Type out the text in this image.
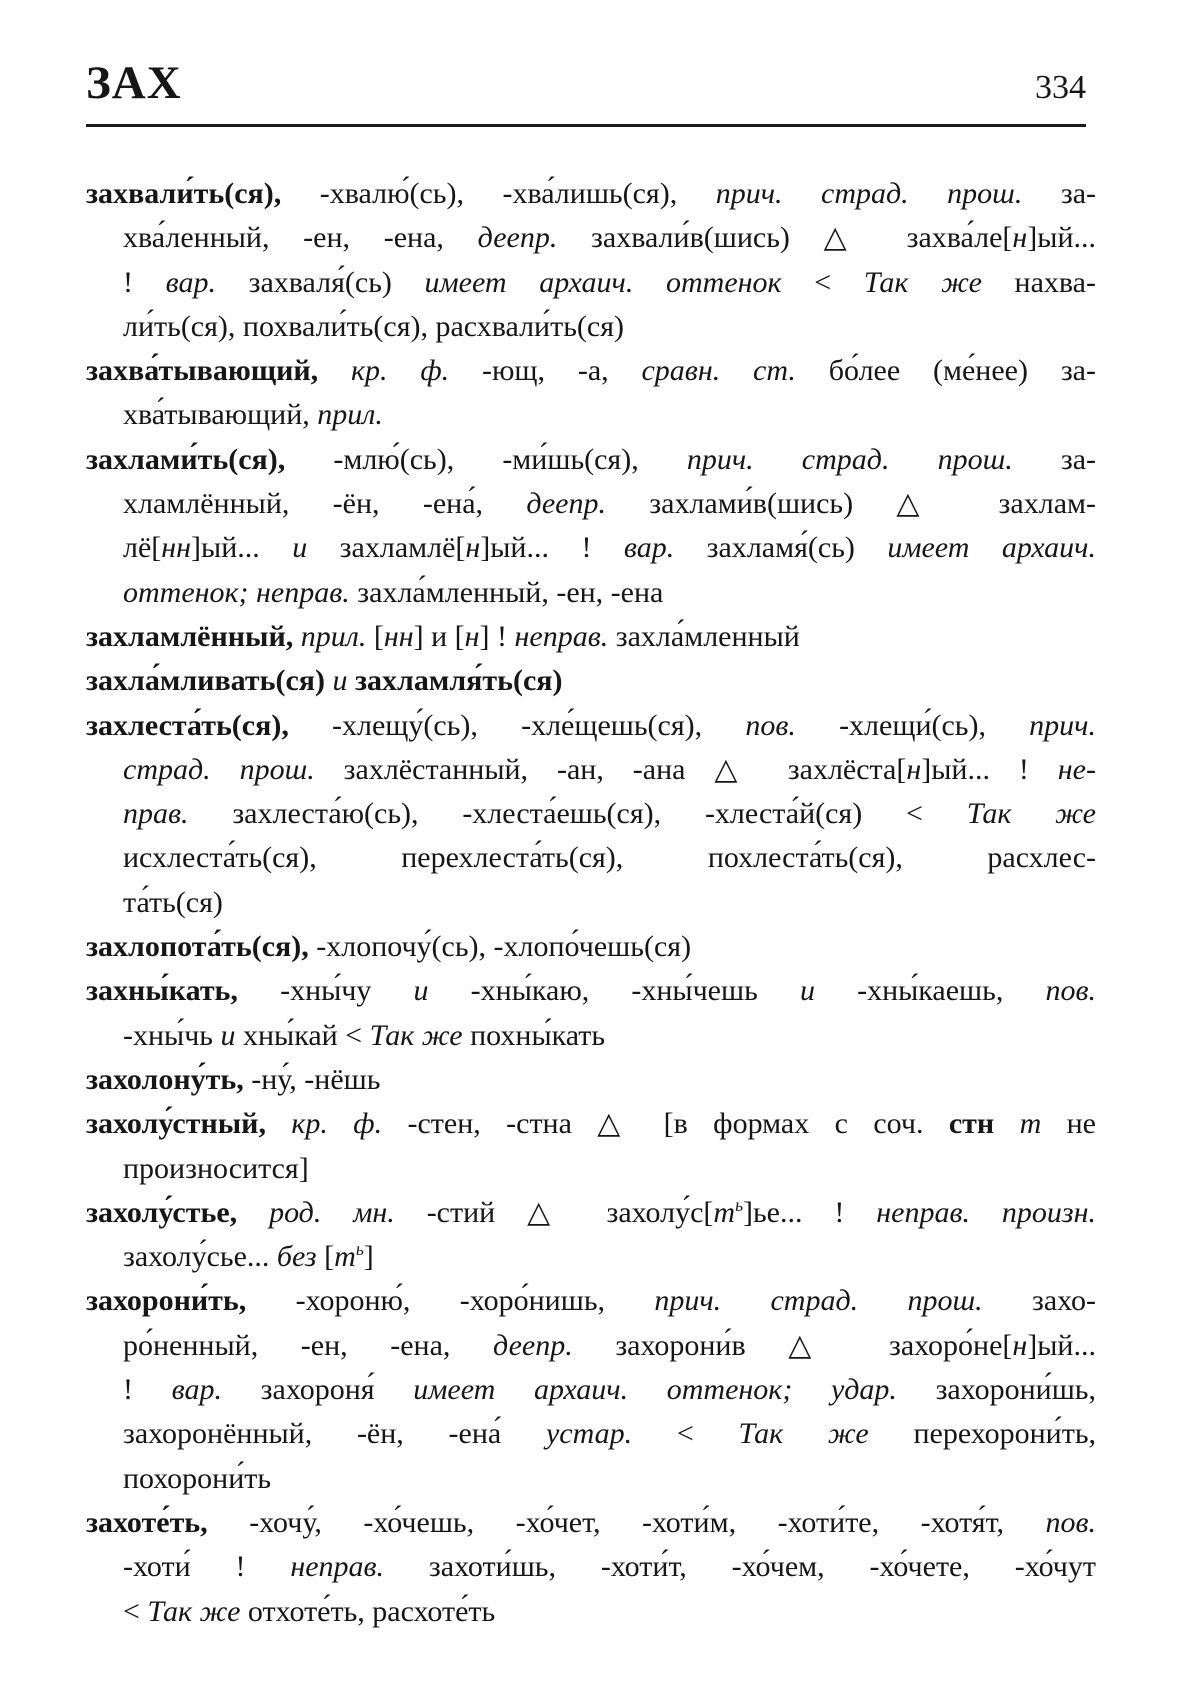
ЗАХ	334
захвали́ть(ся), -хвалю́(сь), -хва́лишь(ся), прич. страд. прош. за-
хва́ленный, -ен, -ена, деепр. захвали́в(шись) △ захва́ле[н]ый...
! вар. захваля́(сь) имеет архаич. оттенок < Так же нахва-
ли́ть(ся), похвали́ть(ся), расхвали́ть(ся)
захва́тывающий, кр. ф. -ющ, -а, сравн. ст. бо́лее (ме́нее) за-
хва́тывающий, прил.
захлами́ть(ся), -млю́(сь), -ми́шь(ся), прич. страд. прош. за-
хламлённый, -ён, -ена́, деепр. захлами́в(шись) △ захлам-
лё[нн]ый... и захламлё[н]ый... ! вар. захламя́(сь) имеет архаич.
оттенок; неправ. захла́мленный, -ен, -ена
захламлённый, прил. [нн] и [н] ! неправ. захла́мленный
захла́мливать(ся) и захламля́ть(ся)
захлеста́ть(ся), -хлещу́(сь), -хле́щешь(ся), пов. -хлещи́(сь), прич.
страд. прош. захлёстанный, -ан, -ана △ захлёста[н]ый... ! не-
прав. захлеста́ю(сь), -хлеста́ешь(ся), -хлеста́й(ся) < Так же
исхлеста́ть(ся), перехлеста́ть(ся), похлеста́ть(ся), расхлес-
та́ть(ся)
захлопота́ть(ся), -хлопочу́(сь), -хлопо́чешь(ся)
захны́кать, -хны́чу и -хны́каю, -хны́чешь и -хны́каешь, пов.
-хны́чь и хны́кай < Так же похны́кать
захолону́ть, -ну́, -нёшь
захолу́стный, кр. ф. -стен, -стна △ [в формах с соч. стн т не
произносится]
захолу́стье, род. мн. -стий △ $захолу́с[т^ь]ье$... ! неправ. произн.
захолу́сье... без $[т^ь]$
захорони́ть, -хороню́, -хоро́нишь, прич. страд. прош. захо-
ро́ненный, -ен, -ена, деепр. захорони́в △ захоро́не[н]ый...
! вар. захороня́ имеет архаич. оттенок; удар. захорони́шь,
захоронённый, -ён, -ена́ устар. < Так же перехорони́ть,
похорони́ть
захоте́ть, -хочу́, -хо́чешь, -хо́чет, -хоти́м, -хоти́те, -хотя́т, пов.
-хоти́ ! неправ. захоти́шь, -хоти́т, -хо́чем, -хо́чете, -хо́чут
< Так же отхоте́ть, расхоте́ть
